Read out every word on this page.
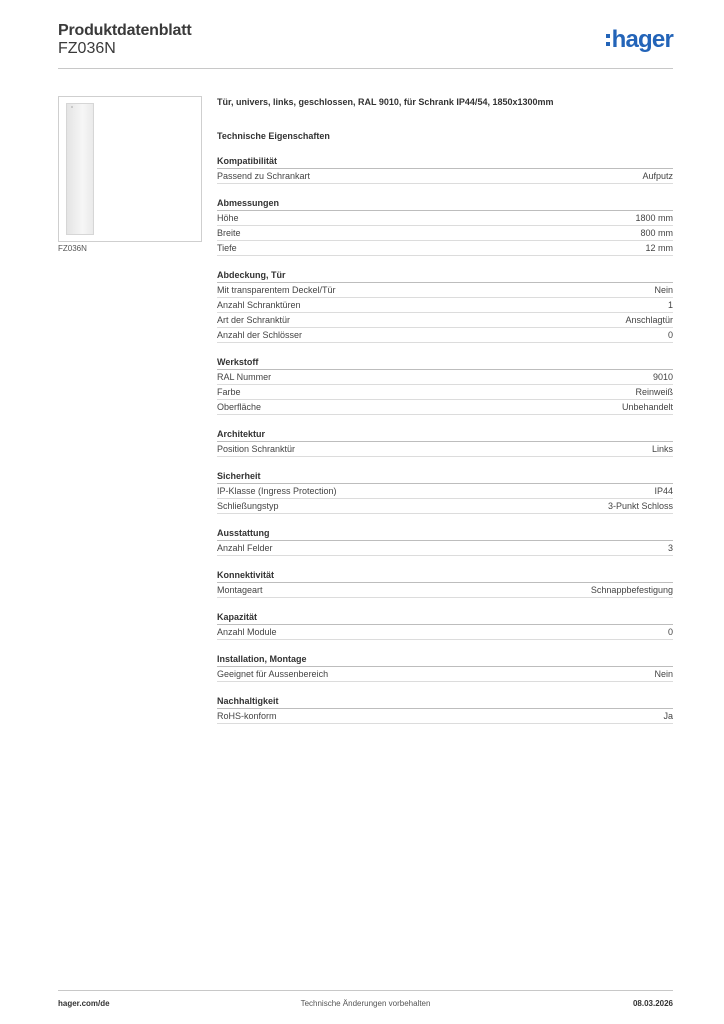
Produktdatenblatt
FZ036N	hager
FZ036N
Tür, univers, links, geschlossen, RAL 9010, für Schrank IP44/54, 1850x1300mm
Technische Eigenschaften
Kompatibilität
Passend zu Schrankart	Aufputz
Abmessungen
Höhe	1800 mm
Breite	800 mm
Tiefe	12 mm
Abdeckung, Tür
Mit transparentem Deckel/Tür	Nein
Anzahl Schranktüren	1
Art der Schranktür	Anschlagtür
Anzahl der Schlösser	0
Werkstoff
RAL Nummer	9010
Farbe	Reinweiß
Oberfläche	Unbehandelt
Architektur
Position Schranktür	Links
Sicherheit
IP-Klasse (Ingress Protection)	IP44
Schließungstyp	3-Punkt Schloss
Ausstattung
Anzahl Felder	3
Konnektivität
Montageart	Schnappbefestigung
Kapazität
Anzahl Module	0
Installation, Montage
Geeignet für Aussenbereich	Nein
Nachhaltigkeit
RoHS-konform	Ja
hager.com/de	Technische Änderungen vorbehalten	08.03.2026
